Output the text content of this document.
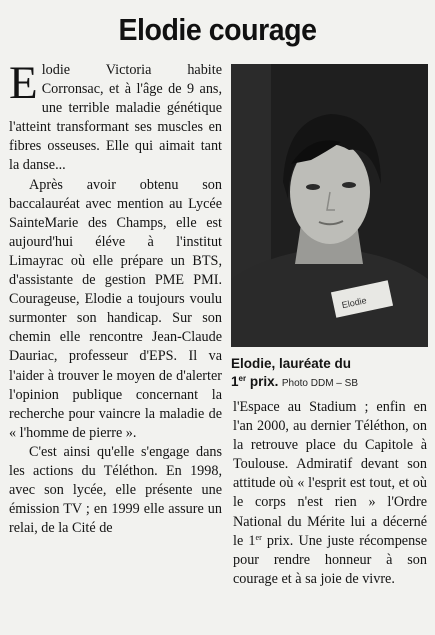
Elodie courage

Elodie Victoria habite Corronsac, et à l'âge de 9 ans, une terrible maladie génétique l'atteint transformant ses muscles en fibres osseuses. Elle qui aimait tant la danse...

Après avoir obtenu son baccalauréat avec mention au Lycée SainteMarie des Champs, elle est aujourd'hui éléve à l'institut Limayrac où elle prépare un BTS, d'assistante de gestion PME PMI. Courageuse, Elodie a toujours voulu surmonter son handicap. Sur son chemin elle rencontre Jean-Claude Dauriac, professeur d'EPS. Il va l'aider à trouver le moyen de d'alerter l'opinion publique concernant la recherche pour vaincre la maladie de « l'homme de pierre ».

C'est ainsi qu'elle s'engage dans les actions du Téléthon. En 1998, avec son lycée, elle présente une émission TV ; en 1999 elle assure un relai, de la Cité de

Elodie
Elodie, lauréate du
1er prix. Photo DDM – SB

l'Espace au Stadium ; enfin en l'an 2000, au dernier Téléthon, on la retrouve place du Capitole à Toulouse. Admiratif devant son attitude où « l'esprit est tout, et où le corps n'est rien » l'Ordre National du Mérite lui a décerné le 1er prix. Une juste récompense pour rendre honneur à son courage et à sa joie de vivre.
